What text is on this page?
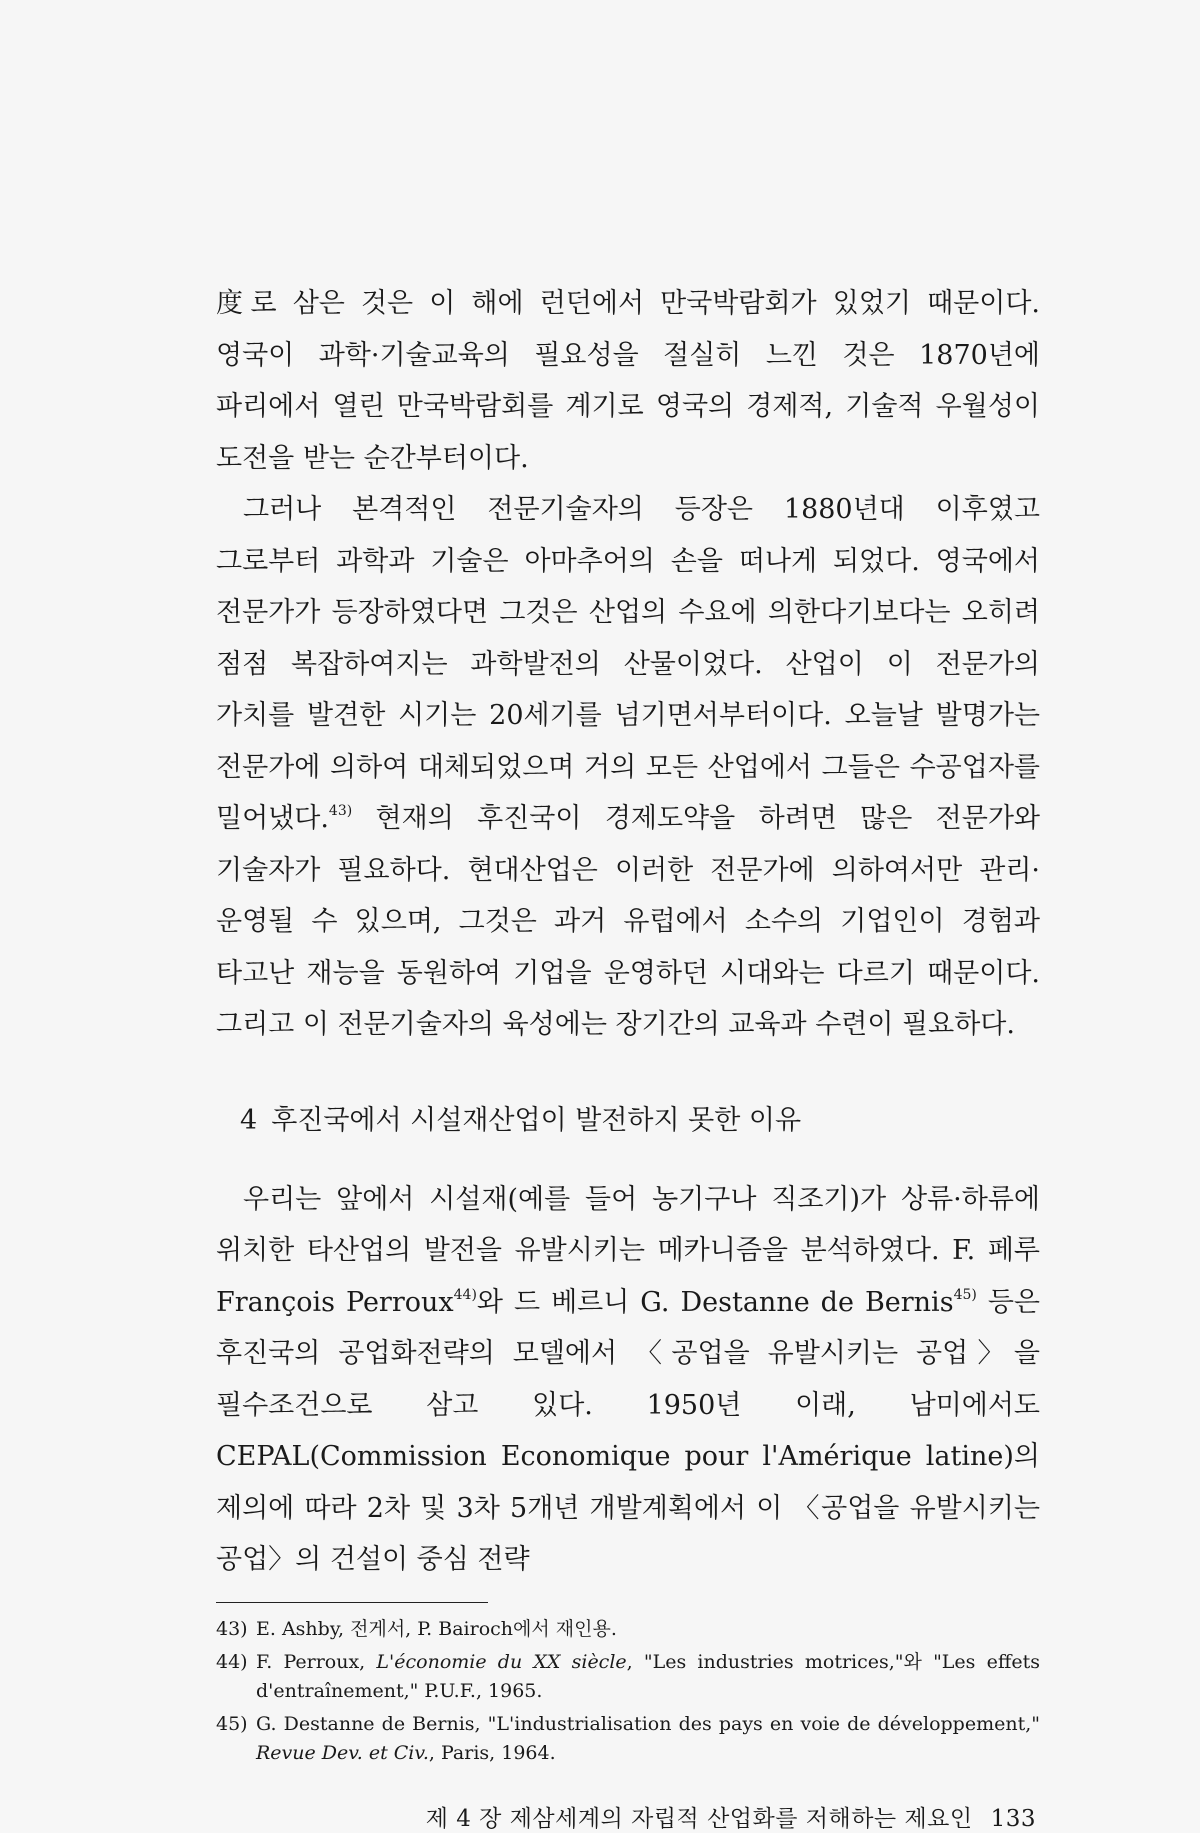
度로 삼은 것은 이 해에 런던에서 만국박람회가 있었기 때문이다. 영국이 과학·기술교육의 필요성을 절실히 느낀 것은 1870년에 파리에서 열린 만국박람회를 계기로 영국의 경제적, 기술적 우월성이 도전을 받는 순간부터이다.

그러나 본격적인 전문기술자의 등장은 1880년대 이후였고 그로부터 과학과 기술은 아마추어의 손을 떠나게 되었다. 영국에서 전문가가 등장하였다면 그것은 산업의 수요에 의한다기보다는 오히려 점점 복잡하여지는 과학발전의 산물이었다. 산업이 이 전문가의 가치를 발견한 시기는 20세기를 넘기면서부터이다. 오늘날 발명가는 전문가에 의하여 대체되었으며 거의 모든 산업에서 그들은 수공업자를 밀어냈다.$^{43)}$ 현재의 후진국이 경제도약을 하려면 많은 전문가와 기술자가 필요하다. 현대산업은 이러한 전문가에 의하여서만 관리·운영될 수 있으며, 그것은 과거 유럽에서 소수의 기업인이 경험과 타고난 재능을 동원하여 기업을 운영하던 시대와는 다르기 때문이다. 그리고 이 전문기술자의 육성에는 장기간의 교육과 수련이 필요하다.

4 후진국에서 시설재산업이 발전하지 못한 이유

우리는 앞에서 시설재(예를 들어 농기구나 직조기)가 상류·하류에 위치한 타산업의 발전을 유발시키는 메카니즘을 분석하였다. F. 페루 François Perroux$^{44)}$와 드 베르니 G. Destanne de Bernis$^{45)}$ 등은 후진국의 공업화전략의 모델에서 〈공업을 유발시키는 공업〉을 필수조건으로 삼고 있다. 1950년 이래, 남미에서도 CEPAL(Commission Economique pour l'Amérique latine)의 제의에 따라 2차 및 3차 5개년 개발계획에서 이 〈공업을 유발시키는 공업〉의 건설이 중심 전략

43) E. Ashby, 전게서, P. Bairoch에서 재인용.
44) F. Perroux, L'économie du XX siècle, "Les industries motrices,"와 "Les effets d'entraînement," P.U.F., 1965.
45) G. Destanne de Bernis, "L'industrialisation des pays en voie de développement," Revue Dev. et Civ., Paris, 1964.
제 4 장 제삼세계의 자립적 산업화를 저해하는 제요인 133
